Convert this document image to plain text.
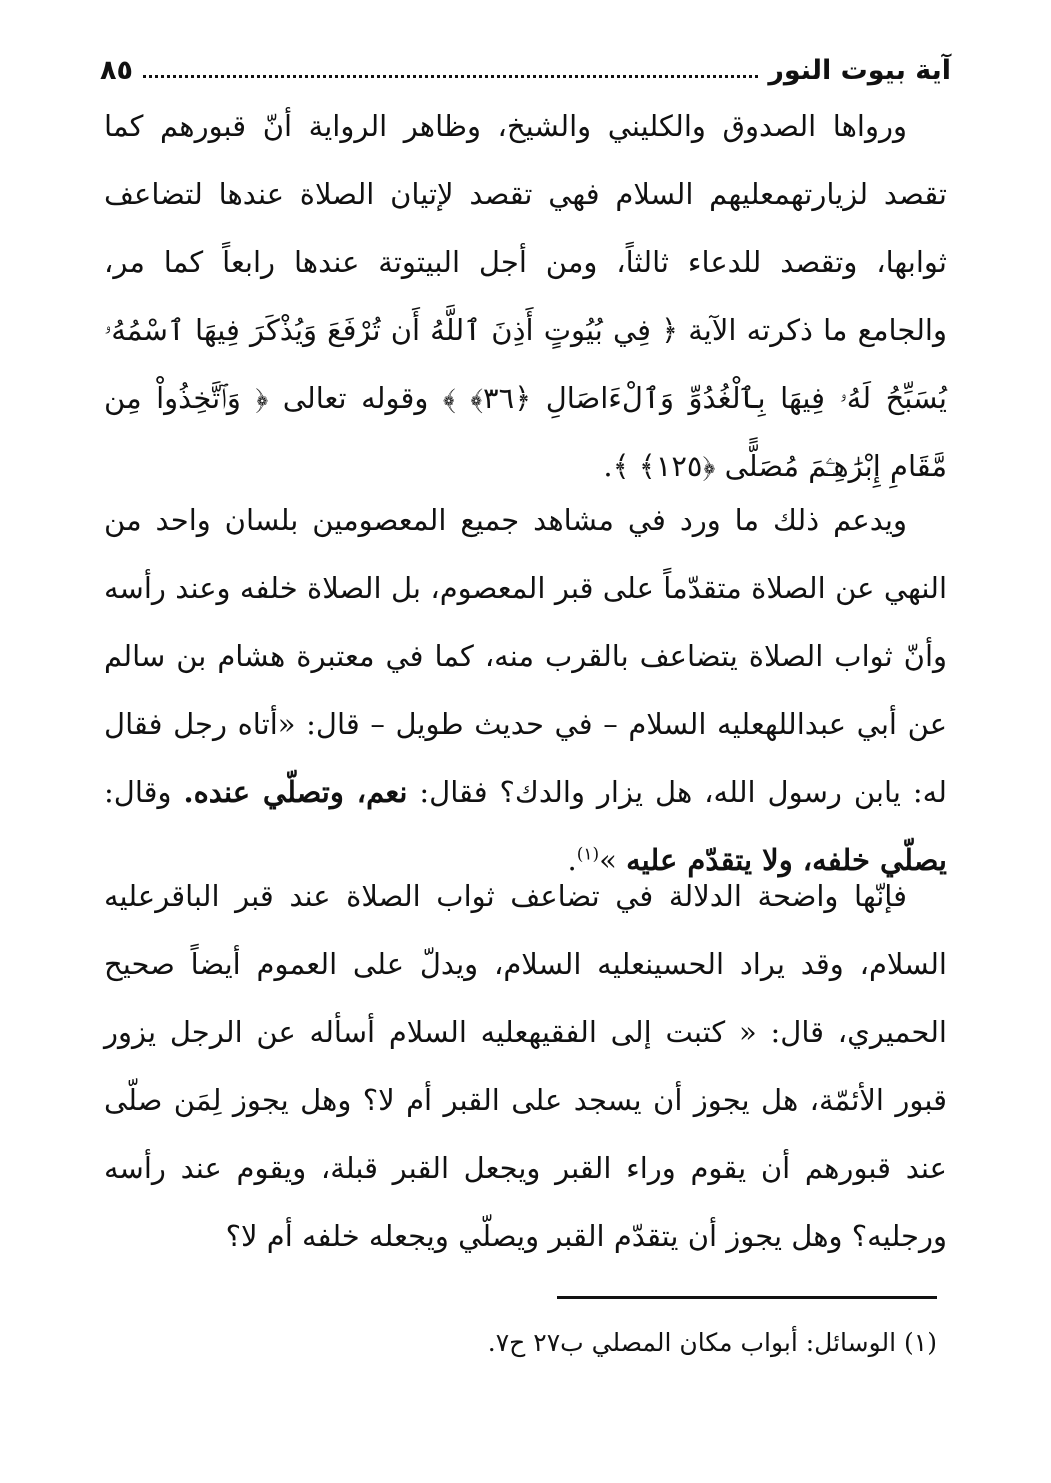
آية بيوت النور
٨٥

ورواها الصدوق والكليني والشيخ، وظاهر الرواية أنّ قبورهم كما تقصد لزيارتهمعليهم السلام فهي تقصد لإتيان الصلاة عندها لتضاعف ثوابها، وتقصد للدعاء ثالثاً، ومن أجل البيتوتة عندها رابعاً كما مر، والجامع ما ذكرته الآية ﴿ فِي بُيُوتٍ أَذِنَ ٱللَّهُ أَن تُرْفَعَ وَيُذْكَرَ فِيهَا ٱسْمُهُۥ يُسَبِّحُ لَهُۥ فِيهَا بِٱلْغُدُوِّ وَٱلْءَاصَالِ ﴿٣٦﴾ ﴾ وقوله تعالى ﴿ وَٱتَّخِذُواْ مِن مَّقَامِ إِبْرَٰهِـۧمَ مُصَلًّى ﴿١٢٥﴾ ﴾.

ويدعم ذلك ما ورد في مشاهد جميع المعصومين بلسان واحد من النهي عن الصلاة متقدّماً على قبر المعصوم، بل الصلاة خلفه وعند رأسه وأنّ ثواب الصلاة يتضاعف بالقرب منه، كما في معتبرة هشام بن سالم عن أبي عبداللهعليه السلام – في حديث طويل – قال: «أتاه رجل فقال له: يابن رسول الله، هل يزار والدك؟ فقال: نعم، وتصلّي عنده. وقال: يصلّي خلفه، ولا يتقدّم عليه »$^{(١)}$.

فإنّها واضحة الدلالة في تضاعف ثواب الصلاة عند قبر الباقرعليه السلام، وقد يراد الحسينعليه السلام، ويدلّ على العموم أيضاً صحيح الحميري، قال: « كتبت إلى الفقيهعليه السلام أسأله عن الرجل يزور قبور الأئمّة، هل يجوز أن يسجد على القبر أم لا؟ وهل يجوز لِمَن صلّى عند قبورهم أن يقوم وراء القبر ويجعل القبر قبلة، ويقوم عند رأسه ورجليه؟ وهل يجوز أن يتقدّم القبر ويصلّي ويجعله خلفه أم لا؟

(١) الوسائل: أبواب مكان المصلي ب٢٧ ح٧.
